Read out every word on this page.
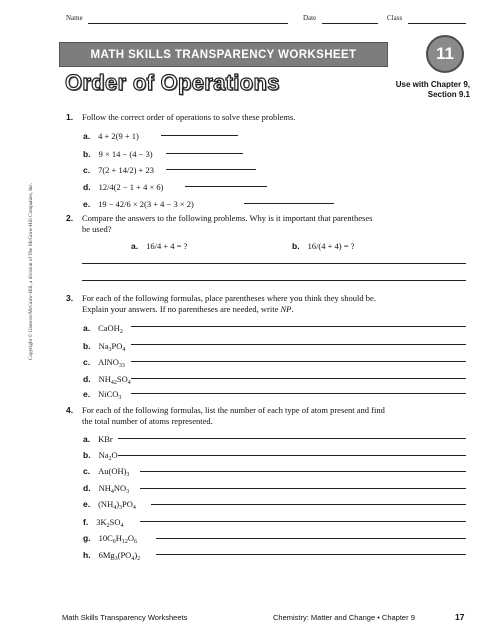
Name	Date	Class
MATH SKILLS TRANSPARENCY WORKSHEET	11
Order of Operations	Use with Chapter 9,
Section 9.1
1. Follow the correct order of operations to solve these problems.
a. 4 + 2(9 + 1)
b. 9 × 14 − (4 − 3)
c. 7(2 + 14/2) + 23
d. 12/4(2 − 1 + 4 × 6)
e. 19 − 42/6 × 2(3 + 4 − 3 × 2)
2. Compare the answers to the following problems. Why is it important that parentheses
be used?
a. 16/4 + 4 = ?	b. 16/(4 + 4) = ?
3. For each of the following formulas, place parentheses where you think they should be.
Explain your answers. If no parentheses are needed, write NP.
a. CaOH$_2$
b. $Na_3PO_4$
c. AlNO$_{33}$
d. $NH_{42}SO_4$
e. NiCO$_3$
4. For each of the following formulas, list the number of each type of atom present and find
the total number of atoms represented.
a. KBr
b. $Na_2O$
c. $Au(OH)_3$
d. $NH_4NO_3$
e. $(NH_4)_3PO_4$
f. $3K_2SO_4$
g. $10C_6H_{12}O_6$
h. $6Mg_3(PO_4)_2$
Copyright © Glencoe/McGraw-Hill, a division of The McGraw-Hill Companies, Inc.
Math Skills Transparency Worksheets	Chemistry: Matter and Change • Chapter 9	17
